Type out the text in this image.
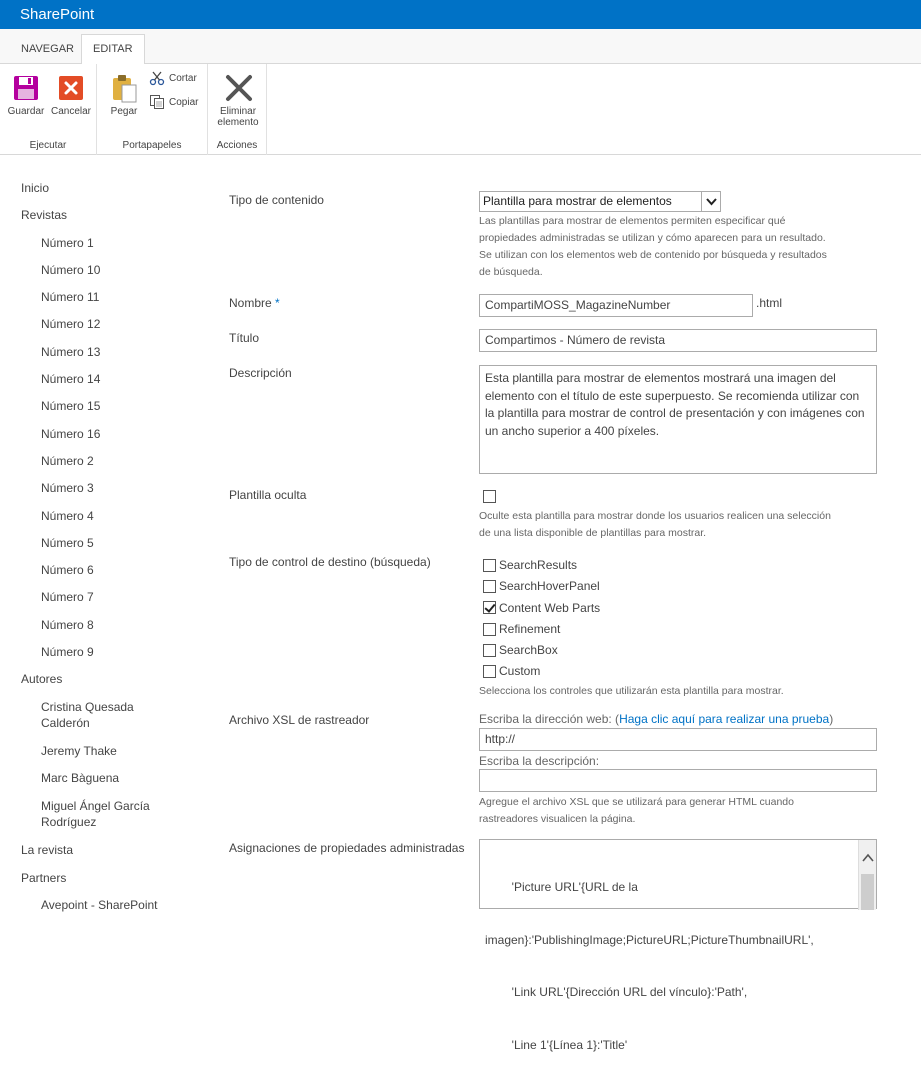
SharePoint
NAVEGAR	EDITAR
Guardar Cancelar
Ejecutar
Pegar
Cortar
Copiar
Portapapeles
Eliminar
elemento
Acciones
Inicio
Revistas
Número 1
Número 10
Número 11
Número 12
Número 13
Número 14
Número 15
Número 16
Número 2
Número 3
Número 4
Número 5
Número 6
Número 7
Número 8
Número 9
Autores
Cristina Quesada
Calderón
Jeremy Thake
Marc Bàguena
Miguel Ángel García
Rodríguez
La revista
Partners
Avepoint - SharePoint
Tipo de contenido	Plantilla para mostrar de elementos
Las plantillas para mostrar de elementos permiten especificar qué
propiedades administradas se utilizan y cómo aparecen para un resultado.
Se utilizan con los elementos web de contenido por búsqueda y resultados
de búsqueda.
Nombre *	CompartiMOSS_MagazineNumber	.html
Título	Compartimos - Número de revista
Descripción	Esta plantilla para mostrar de elementos mostrará una imagen del elemento con el título de este superpuesto. Se recomienda utilizar con la plantilla para mostrar de control de presentación y con imágenes con un ancho superior a 400 píxeles.
Plantilla oculta
Oculte esta plantilla para mostrar donde los usuarios realicen una selección
de una lista disponible de plantillas para mostrar.
Tipo de control de destino (búsqueda)	SearchResults
SearchHoverPanel
Content Web Parts
Refinement
SearchBox
Custom
Selecciona los controles que utilizarán esta plantilla para mostrar.
Archivo XSL de rastreador	Escriba la dirección web: (Haga clic aquí para realizar una prueba)
http://
Escriba la descripción:
Agregue el archivo XSL que se utilizará para generar HTML cuando
rastreadores visualicen la página.
Asignaciones de propiedades administradas

'Picture URL'{URL de la

imagen}:'PublishingImage;PictureURL;PictureThumbnailURL',

'Link URL'{Dirección URL del vínculo}:'Path',

'Line 1'{Línea 1}:'Title'
